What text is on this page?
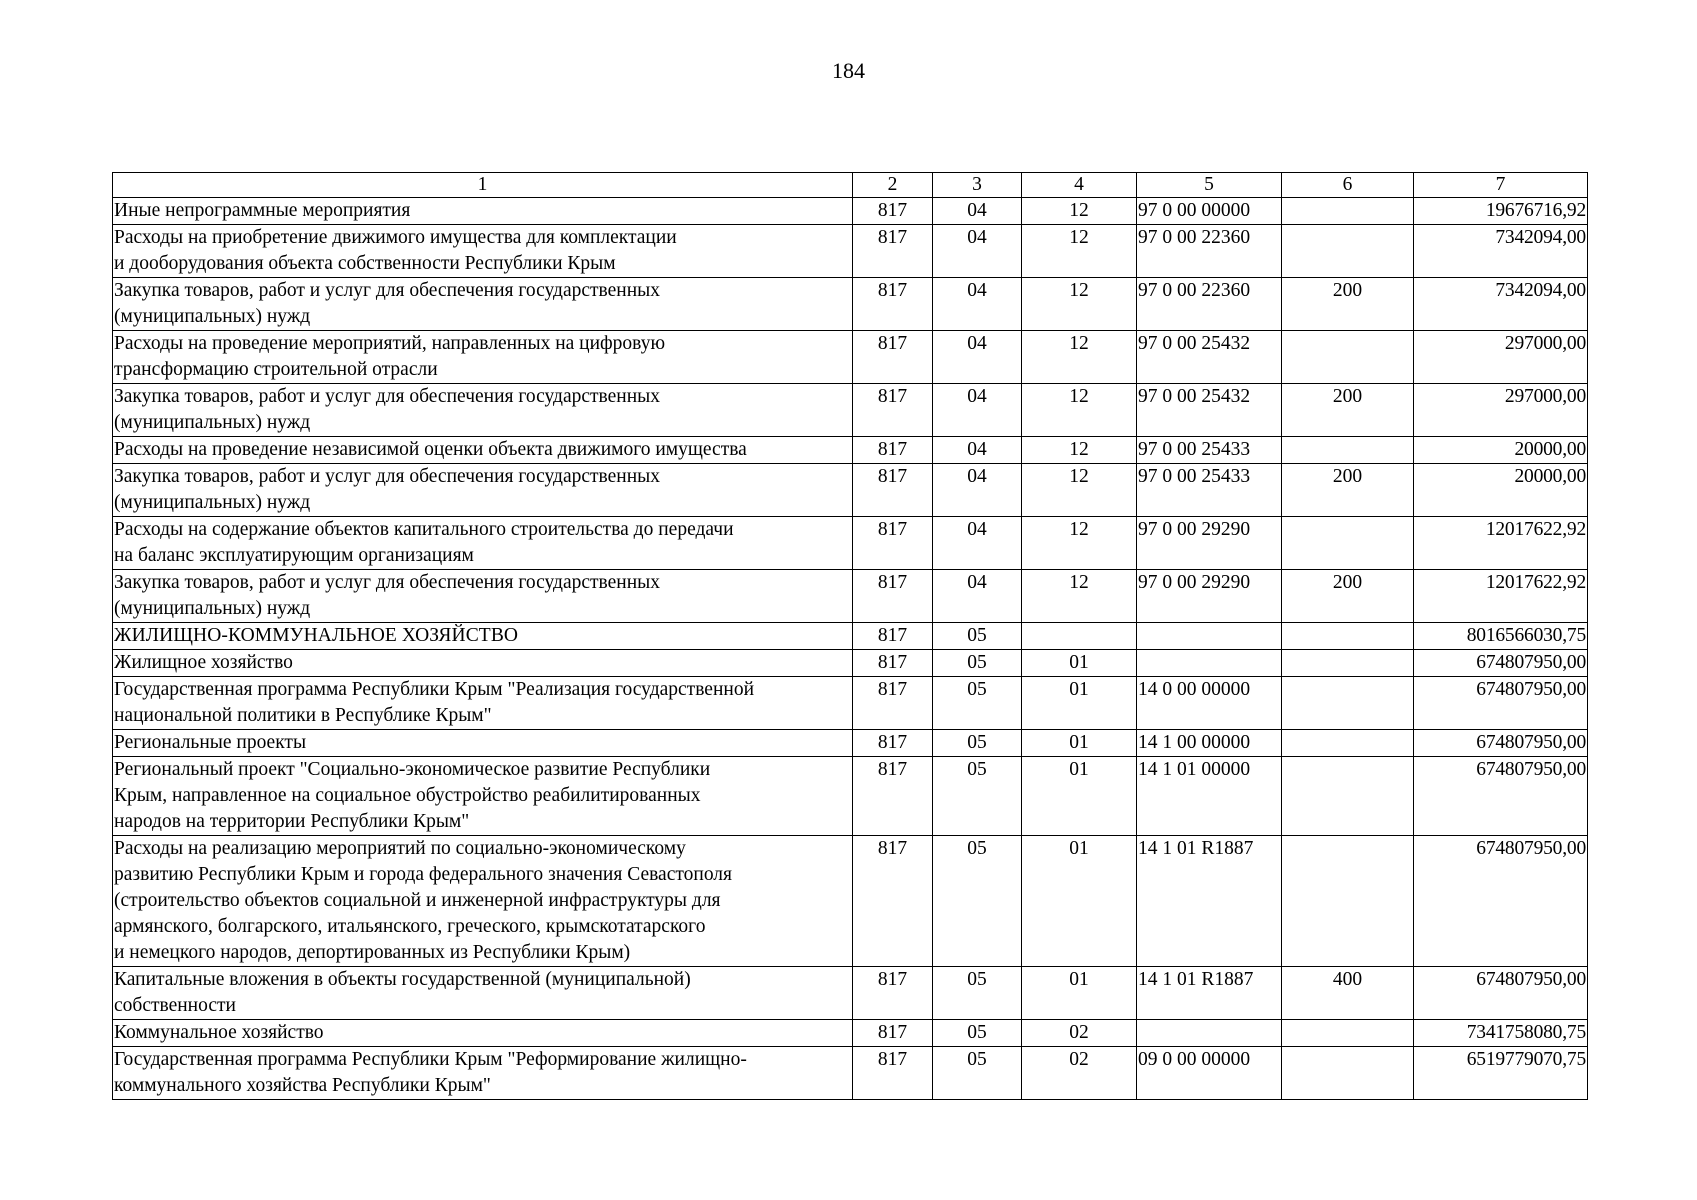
184
1	2	3	4	5	6	7
Иные непрограммные мероприятия	817	04	12	97 0 00 00000		19676716,92
Расходы на приобретение движимого имущества для комплектации
и дооборудования объекта собственности Республики Крым	817	04	12	97 0 00 22360		7342094,00
Закупка товаров, работ и услуг для обеспечения государственных
(муниципальных) нужд	817	04	12	97 0 00 22360	200	7342094,00
Расходы на проведение мероприятий, направленных на цифровую
трансформацию строительной отрасли	817	04	12	97 0 00 25432		297000,00
Закупка товаров, работ и услуг для обеспечения государственных
(муниципальных) нужд	817	04	12	97 0 00 25432	200	297000,00
Расходы на проведение независимой оценки объекта движимого имущества	817	04	12	97 0 00 25433		20000,00
Закупка товаров, работ и услуг для обеспечения государственных
(муниципальных) нужд	817	04	12	97 0 00 25433	200	20000,00
Расходы на содержание объектов капитального строительства до передачи
на баланс эксплуатирующим организациям	817	04	12	97 0 00 29290		12017622,92
Закупка товаров, работ и услуг для обеспечения государственных
(муниципальных) нужд	817	04	12	97 0 00 29290	200	12017622,92
ЖИЛИЩНО-КОММУНАЛЬНОЕ ХОЗЯЙСТВО	817	05				8016566030,75
Жилищное хозяйство	817	05	01			674807950,00
Государственная программа Республики Крым "Реализация государственной
национальной политики в Республике Крым"	817	05	01	14 0 00 00000		674807950,00
Региональные проекты	817	05	01	14 1 00 00000		674807950,00
Региональный проект "Социально-экономическое развитие Республики
Крым, направленное на социальное обустройство реабилитированных
народов на территории Республики Крым"	817	05	01	14 1 01 00000		674807950,00
Расходы на реализацию мероприятий по социально-экономическому
развитию Республики Крым и города федерального значения Севастополя
(строительство объектов социальной и инженерной инфраструктуры для
армянского, болгарского, итальянского, греческого, крымскотатарского
и немецкого народов, депортированных из Республики Крым)	817	05	01	14 1 01 R1887		674807950,00
Капитальные вложения в объекты государственной (муниципальной)
собственности	817	05	01	14 1 01 R1887	400	674807950,00
Коммунальное хозяйство	817	05	02			7341758080,75
Государственная программа Республики Крым "Реформирование жилищно-
коммунального хозяйства Республики Крым"	817	05	02	09 0 00 00000		6519779070,75
